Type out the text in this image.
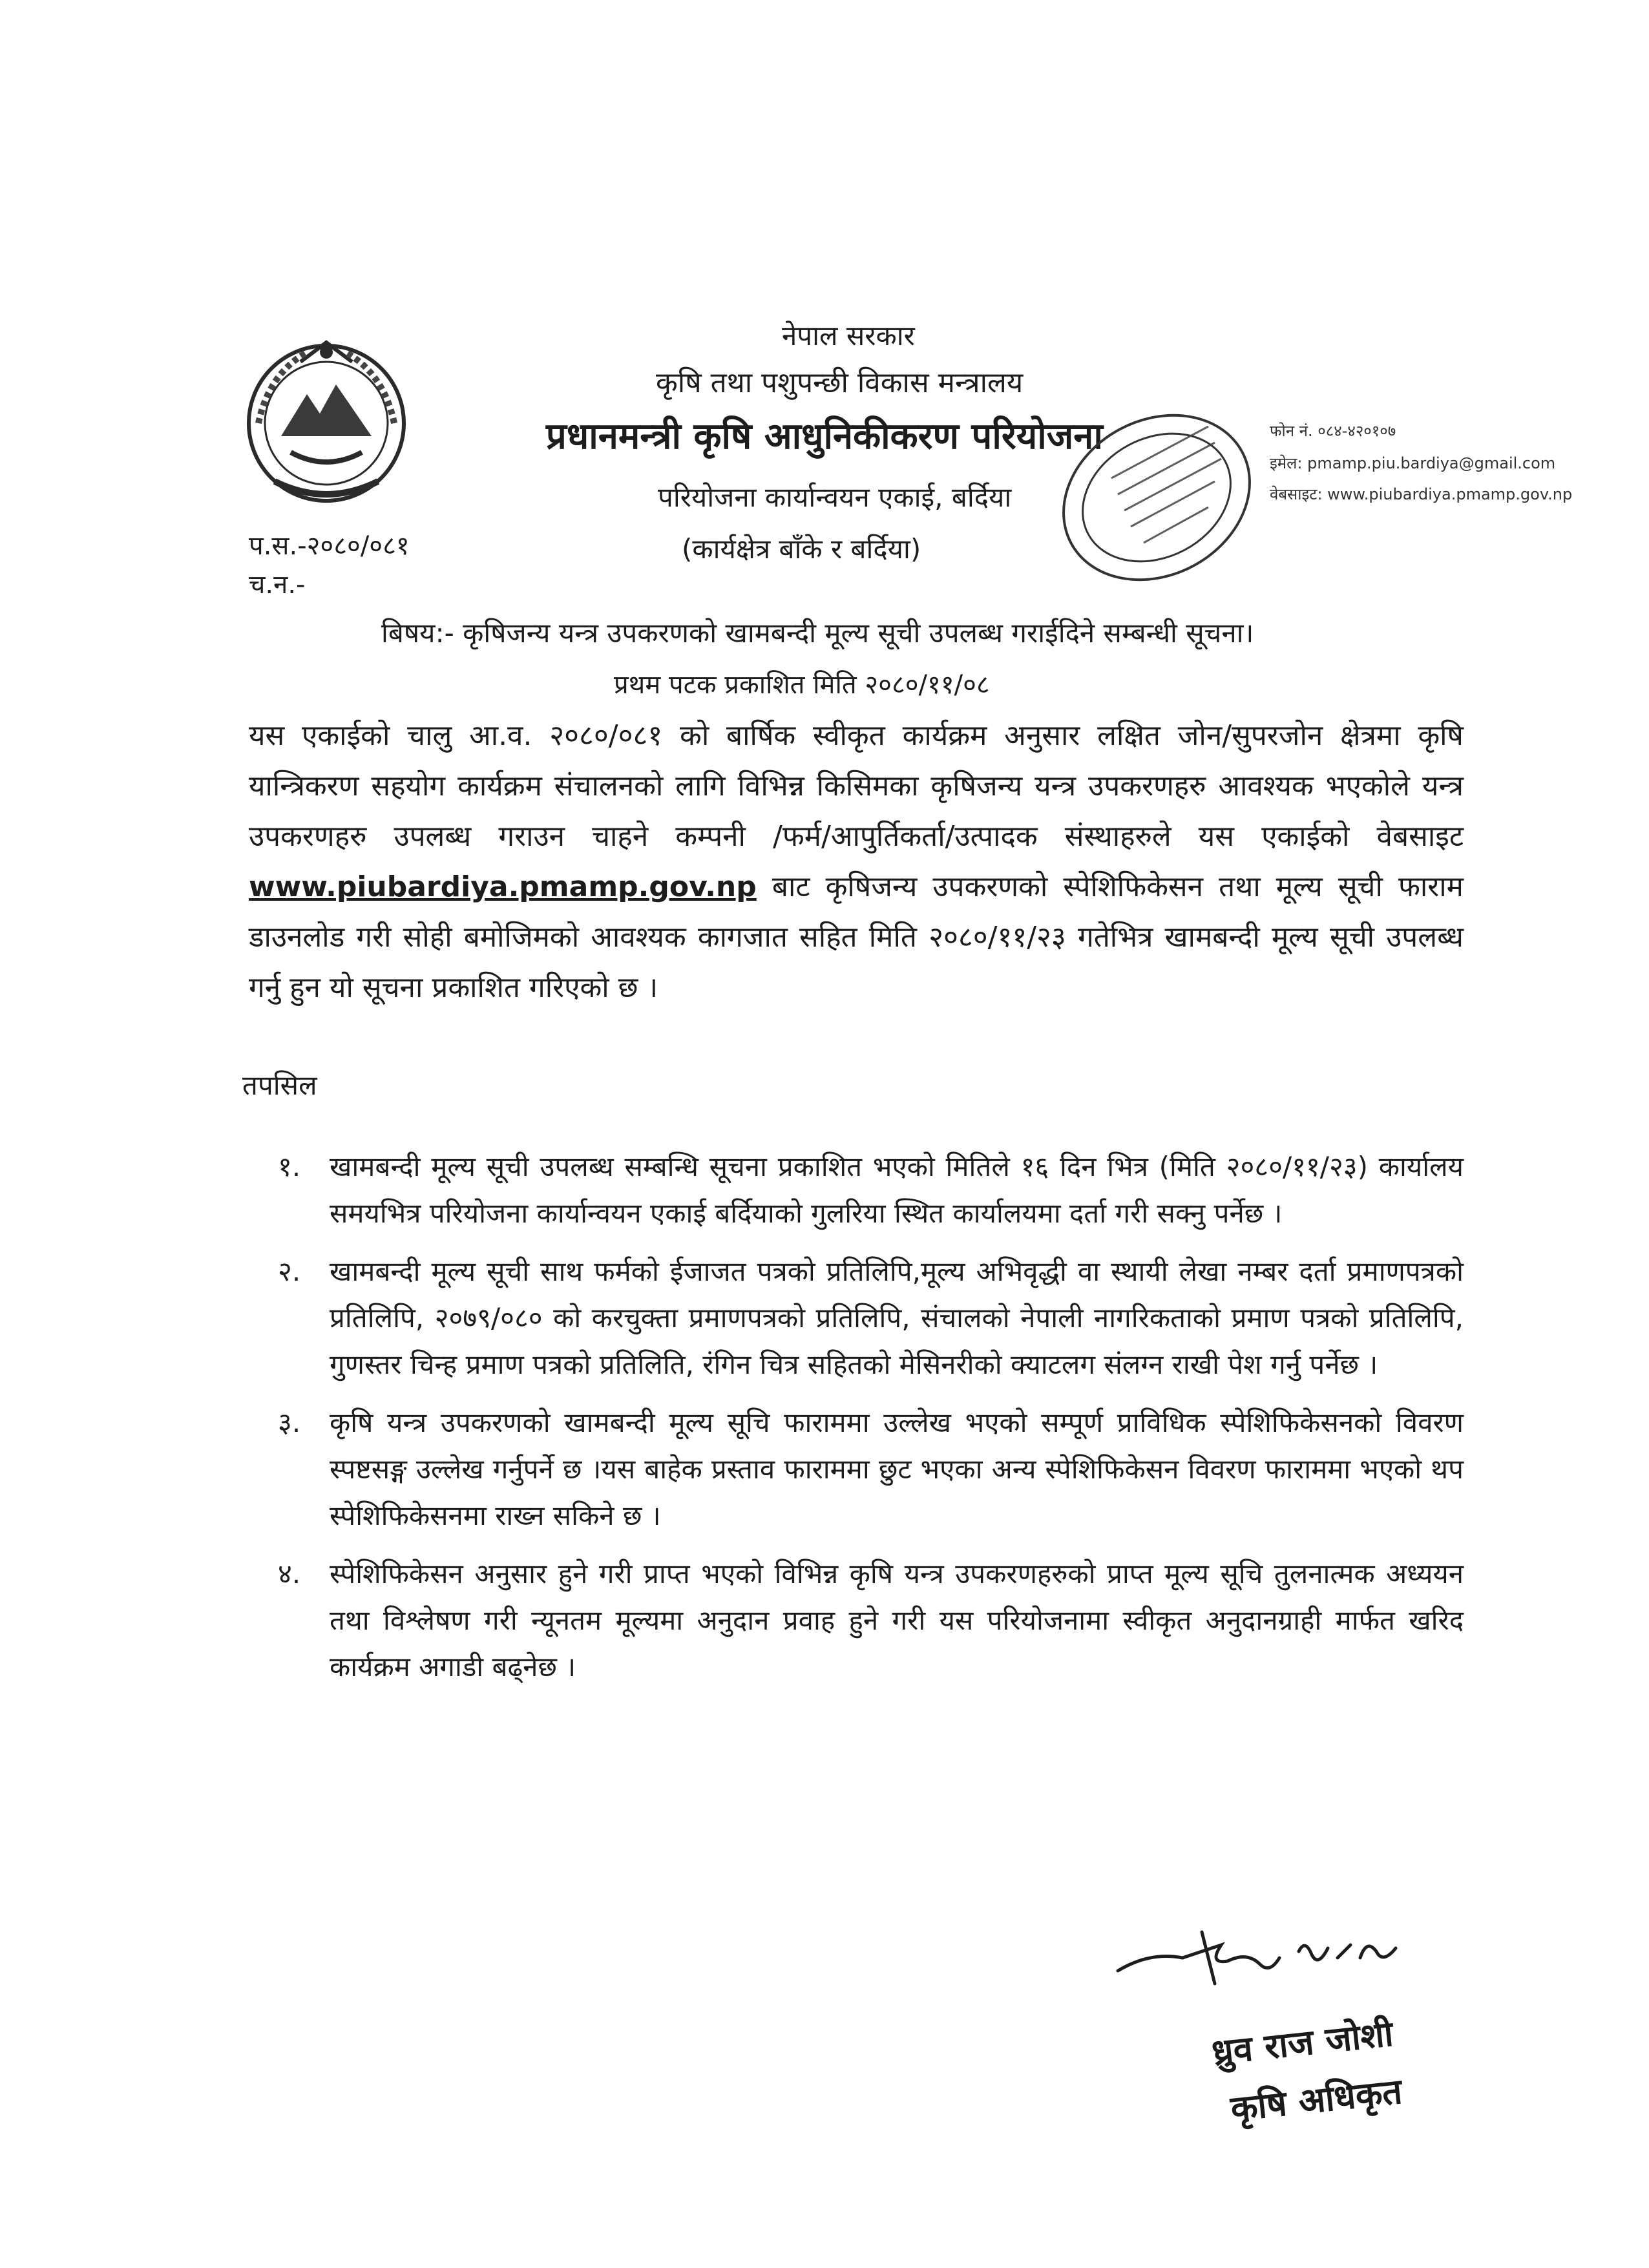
नेपाल सरकार
कृषि तथा पशुपन्छी विकास मन्त्रालय
प्रधानमन्त्री कृषि आधुनिकीकरण परियोजना
परियोजना कार्यान्वयन एकाई, बर्दिया
(कार्यक्षेत्र बाँके र बर्दिया)
फोन नं. ०८४-४२०१०७
इमेल: pmamp.piu.bardiya@gmail.com
वेबसाइट: www.piubardiya.pmamp.gov.np
प.स.-२०८०/०८१
च.न.-
बिषय:- कृषिजन्य यन्त्र उपकरणको खामबन्दी मूल्य सूची उपलब्ध गराईदिने सम्बन्धी सूचना।
प्रथम पटक प्रकाशित मिति २०८०/११/०८
यस एकाईको चालु आ.व. २०८०/०८१ को बार्षिक स्वीकृत कार्यक्रम अनुसार लक्षित जोन/सुपरजोन क्षेत्रमा कृषि यान्त्रिकरण सहयोग कार्यक्रम संचालनको लागि विभिन्न किसिमका कृषिजन्य यन्त्र उपकरणहरु आवश्यक भएकोले यन्त्र उपकरणहरु उपलब्ध गराउन चाहने कम्पनी /फर्म/आपुर्तिकर्ता/उत्पादक संस्थाहरुले यस एकाईको वेबसाइट www.piubardiya.pmamp.gov.np बाट कृषिजन्य उपकरणको स्पेशिफिकेसन तथा मूल्य सूची फाराम डाउनलोड गरी सोही बमोजिमको आवश्यक कागजात सहित मिति २०८०/११/२३ गतेभित्र खामबन्दी मूल्य सूची उपलब्ध गर्नु हुन यो सूचना प्रकाशित गरिएको छ ।
तपसिल
१. खामबन्दी मूल्य सूची उपलब्ध सम्बन्धि सूचना प्रकाशित भएको मितिले १६ दिन भित्र (मिति २०८०/११/२३) कार्यालय समयभित्र परियोजना कार्यान्वयन एकाई बर्दियाको गुलरिया स्थित कार्यालयमा दर्ता गरी सक्नु पर्नेछ ।
२. खामबन्दी मूल्य सूची साथ फर्मको ईजाजत पत्रको प्रतिलिपि,मूल्य अभिवृद्धी वा स्थायी लेखा नम्बर दर्ता प्रमाणपत्रको प्रतिलिपि, २०७९/०८० को करचुक्ता प्रमाणपत्रको प्रतिलिपि, संचालको नेपाली नागरिकताको प्रमाण पत्रको प्रतिलिपि, गुणस्तर चिन्ह प्रमाण पत्रको प्रतिलिति, रंगिन चित्र सहितको मेसिनरीको क्याटलग संलग्न राखी पेश गर्नु पर्नेछ ।
३. कृषि यन्त्र उपकरणको खामबन्दी मूल्य सूचि फाराममा उल्लेख भएको सम्पूर्ण प्राविधिक स्पेशिफिकेसनको विवरण स्पष्टसङ्ग उल्लेख गर्नुपर्ने छ ।यस बाहेक प्रस्ताव फाराममा छुट भएका अन्य स्पेशिफिकेसन विवरण फाराममा भएको थप स्पेशिफिकेसनमा राख्न सकिने छ ।
४. स्पेशिफिकेसन अनुसार हुने गरी प्राप्त भएको विभिन्न कृषि यन्त्र उपकरणहरुको प्राप्त मूल्य सूचि तुलनात्मक अध्ययन तथा विश्लेषण गरी न्यूनतम मूल्यमा अनुदान प्रवाह हुने गरी यस परियोजनामा स्वीकृत अनुदानग्राही मार्फत खरिद कार्यक्रम अगाडी बढ्नेछ ।
ध्रुव राज जोशी
कृषि अधिकृत
